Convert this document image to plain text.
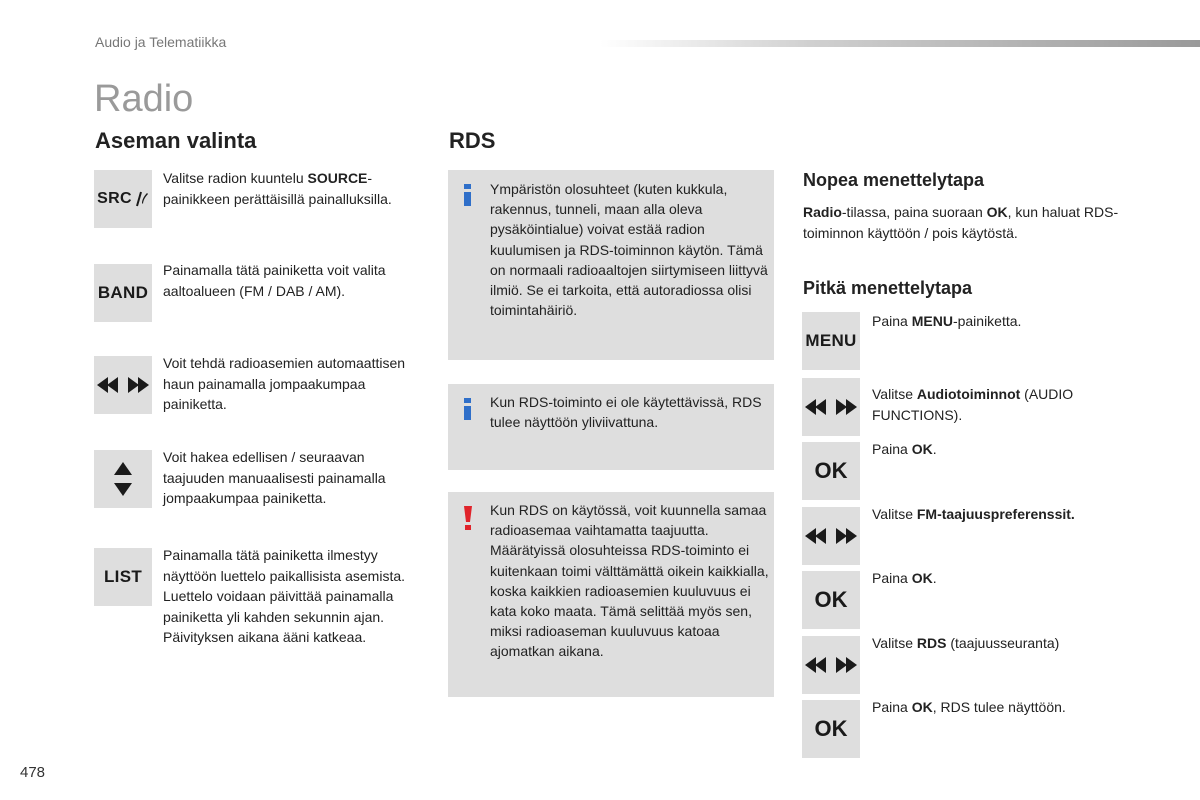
Audio ja Telematiikka
Radio
Aseman valinta
SRC
Valitse radion kuuntelu SOURCE-painikkeen perättäisillä painalluksilla.
BAND
Painamalla tätä painiketta voit valita aaltoalueen (FM / DAB / AM).
Voit tehdä radioasemien automaattisen haun painamalla jompaakumpaa painiketta.
Voit hakea edellisen / seuraavan taajuuden manuaalisesti painamalla jompaakumpaa painiketta.
LIST
Painamalla tätä painiketta ilmestyy näyttöön luettelo paikallisista asemista. Luettelo voidaan päivittää painamalla painiketta yli kahden sekunnin ajan. Päivityksen aikana ääni katkeaa.
RDS
Ympäristön olosuhteet (kuten kukkula, rakennus, tunneli, maan alla oleva pysäköintialue) voivat estää radion kuulumisen ja RDS-toiminnon käytön. Tämä on normaali radioaaltojen siirtymiseen liittyvä ilmiö. Se ei tarkoita, että autoradiossa olisi toimintahäiriö.
Kun RDS-toiminto ei ole käytettävissä, RDS tulee näyttöön yliviivattuna.
Kun RDS on käytössä, voit kuunnella samaa radioasemaa vaihtamatta taajuutta. Määrätyissä olosuhteissa RDS-toiminto ei kuitenkaan toimi välttämättä oikein kaikkialla, koska kaikkien radioasemien kuuluvuus ei kata koko maata. Tämä selittää myös sen, miksi radioaseman kuuluvuus katoaa ajomatkan aikana.
Nopea menettelytapa
Radio-tilassa, paina suoraan OK, kun haluat RDS-toiminnon käyttöön / pois käytöstä.
Pitkä menettelytapa
MENU
Paina MENU-painiketta.
Valitse Audiotoiminnot (AUDIO FUNCTIONS).
OK
Paina OK.
Valitse FM-taajuuspreferenssit.
OK
Paina OK.
Valitse RDS (taajuusseuranta)
OK
Paina OK, RDS tulee näyttöön.
478
